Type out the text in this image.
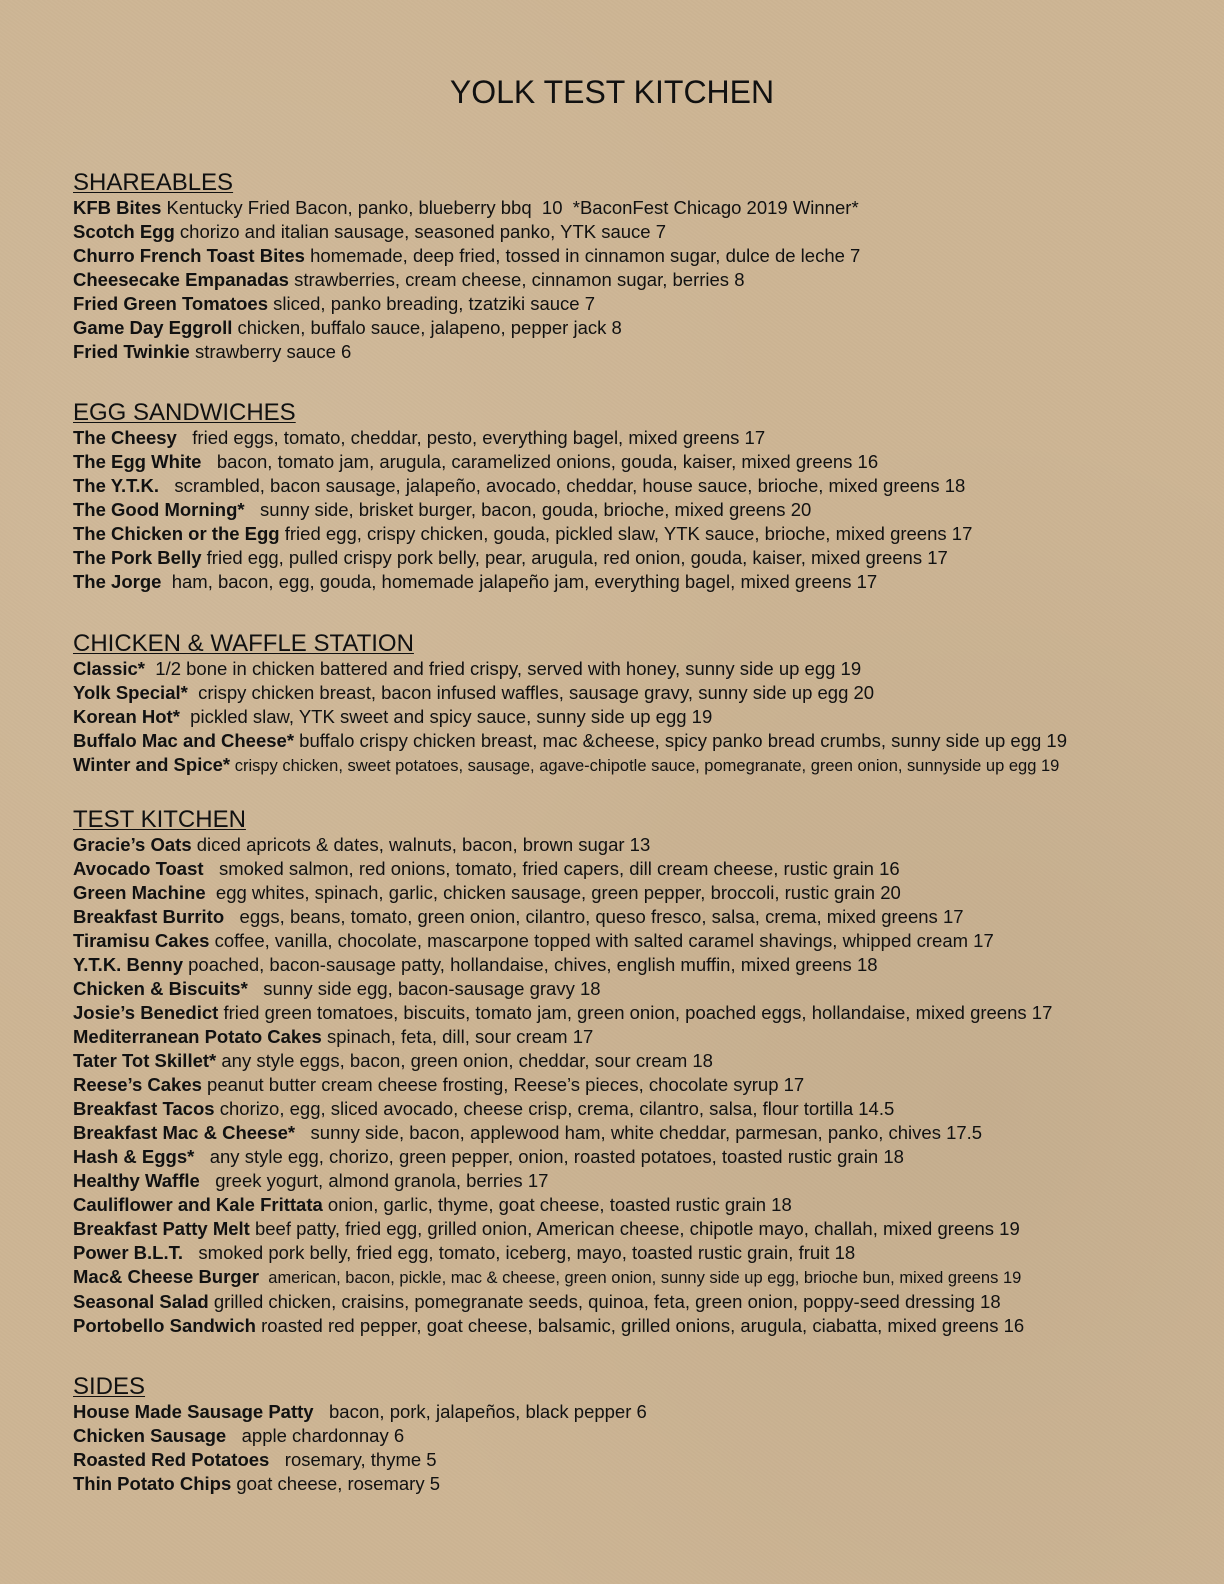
YOLK TEST KITCHEN
SHAREABLES
KFB Bites Kentucky Fried Bacon, panko, blueberry bbq  10  *BaconFest Chicago 2019 Winner*
Scotch Egg chorizo and italian sausage, seasoned panko, YTK sauce 7
Churro French Toast Bites homemade, deep fried, tossed in cinnamon sugar, dulce de leche 7
Cheesecake Empanadas strawberries, cream cheese, cinnamon sugar, berries 8
Fried Green Tomatoes sliced, panko breading, tzatziki sauce 7
Game Day Eggroll chicken, buffalo sauce, jalapeno, pepper jack 8
Fried Twinkie strawberry sauce 6
EGG SANDWICHES
The Cheesy   fried eggs, tomato, cheddar, pesto, everything bagel, mixed greens 17
The Egg White   bacon, tomato jam, arugula, caramelized onions, gouda, kaiser, mixed greens 16
The Y.T.K.   scrambled, bacon sausage, jalapeño, avocado, cheddar, house sauce, brioche, mixed greens 18
The Good Morning*   sunny side, brisket burger, bacon, gouda, brioche, mixed greens 20
The Chicken or the Egg fried egg, crispy chicken, gouda, pickled slaw, YTK sauce, brioche, mixed greens 17
The Pork Belly fried egg, pulled crispy pork belly, pear, arugula, red onion, gouda, kaiser, mixed greens 17
The Jorge  ham, bacon, egg, gouda, homemade jalapeño jam, everything bagel, mixed greens 17
CHICKEN & WAFFLE STATION
Classic*  1/2 bone in chicken battered and fried crispy, served with honey, sunny side up egg 19
Yolk Special*  crispy chicken breast, bacon infused waffles, sausage gravy, sunny side up egg 20
Korean Hot*  pickled slaw, YTK sweet and spicy sauce, sunny side up egg 19
Buffalo Mac and Cheese* buffalo crispy chicken breast, mac &cheese, spicy panko bread crumbs, sunny side up egg 19
Winter and Spice* crispy chicken, sweet potatoes, sausage, agave-chipotle sauce, pomegranate, green onion, sunnyside up egg 19
TEST KITCHEN
Gracie’s Oats diced apricots & dates, walnuts, bacon, brown sugar 13
Avocado Toast   smoked salmon, red onions, tomato, fried capers, dill cream cheese, rustic grain 16
Green Machine  egg whites, spinach, garlic, chicken sausage, green pepper, broccoli, rustic grain 20
Breakfast Burrito   eggs, beans, tomato, green onion, cilantro, queso fresco, salsa, crema, mixed greens 17
Tiramisu Cakes coffee, vanilla, chocolate, mascarpone topped with salted caramel shavings, whipped cream 17
Y.T.K. Benny poached, bacon-sausage patty, hollandaise, chives, english muffin, mixed greens 18
Chicken & Biscuits*   sunny side egg, bacon-sausage gravy 18
Josie’s Benedict fried green tomatoes, biscuits, tomato jam, green onion, poached eggs, hollandaise, mixed greens 17
Mediterranean Potato Cakes spinach, feta, dill, sour cream 17
Tater Tot Skillet* any style eggs, bacon, green onion, cheddar, sour cream 18
Reese’s Cakes peanut butter cream cheese frosting, Reese’s pieces, chocolate syrup 17
Breakfast Tacos chorizo, egg, sliced avocado, cheese crisp, crema, cilantro, salsa, flour tortilla 14.5
Breakfast Mac & Cheese*   sunny side, bacon, applewood ham, white cheddar, parmesan, panko, chives 17.5
Hash & Eggs*   any style egg, chorizo, green pepper, onion, roasted potatoes, toasted rustic grain 18
Healthy Waffle   greek yogurt, almond granola, berries 17
Cauliflower and Kale Frittata onion, garlic, thyme, goat cheese, toasted rustic grain 18
Breakfast Patty Melt beef patty, fried egg, grilled onion, American cheese, chipotle mayo, challah, mixed greens 19
Power B.L.T.   smoked pork belly, fried egg, tomato, iceberg, mayo, toasted rustic grain, fruit 18
Mac& Cheese Burger  american, bacon, pickle, mac & cheese, green onion, sunny side up egg, brioche bun, mixed greens 19
Seasonal Salad grilled chicken, craisins, pomegranate seeds, quinoa, feta, green onion, poppy-seed dressing 18
Portobello Sandwich roasted red pepper, goat cheese, balsamic, grilled onions, arugula, ciabatta, mixed greens 16
SIDES
House Made Sausage Patty   bacon, pork, jalapeños, black pepper 6
Chicken Sausage   apple chardonnay 6
Roasted Red Potatoes   rosemary, thyme 5
Thin Potato Chips goat cheese, rosemary 5
